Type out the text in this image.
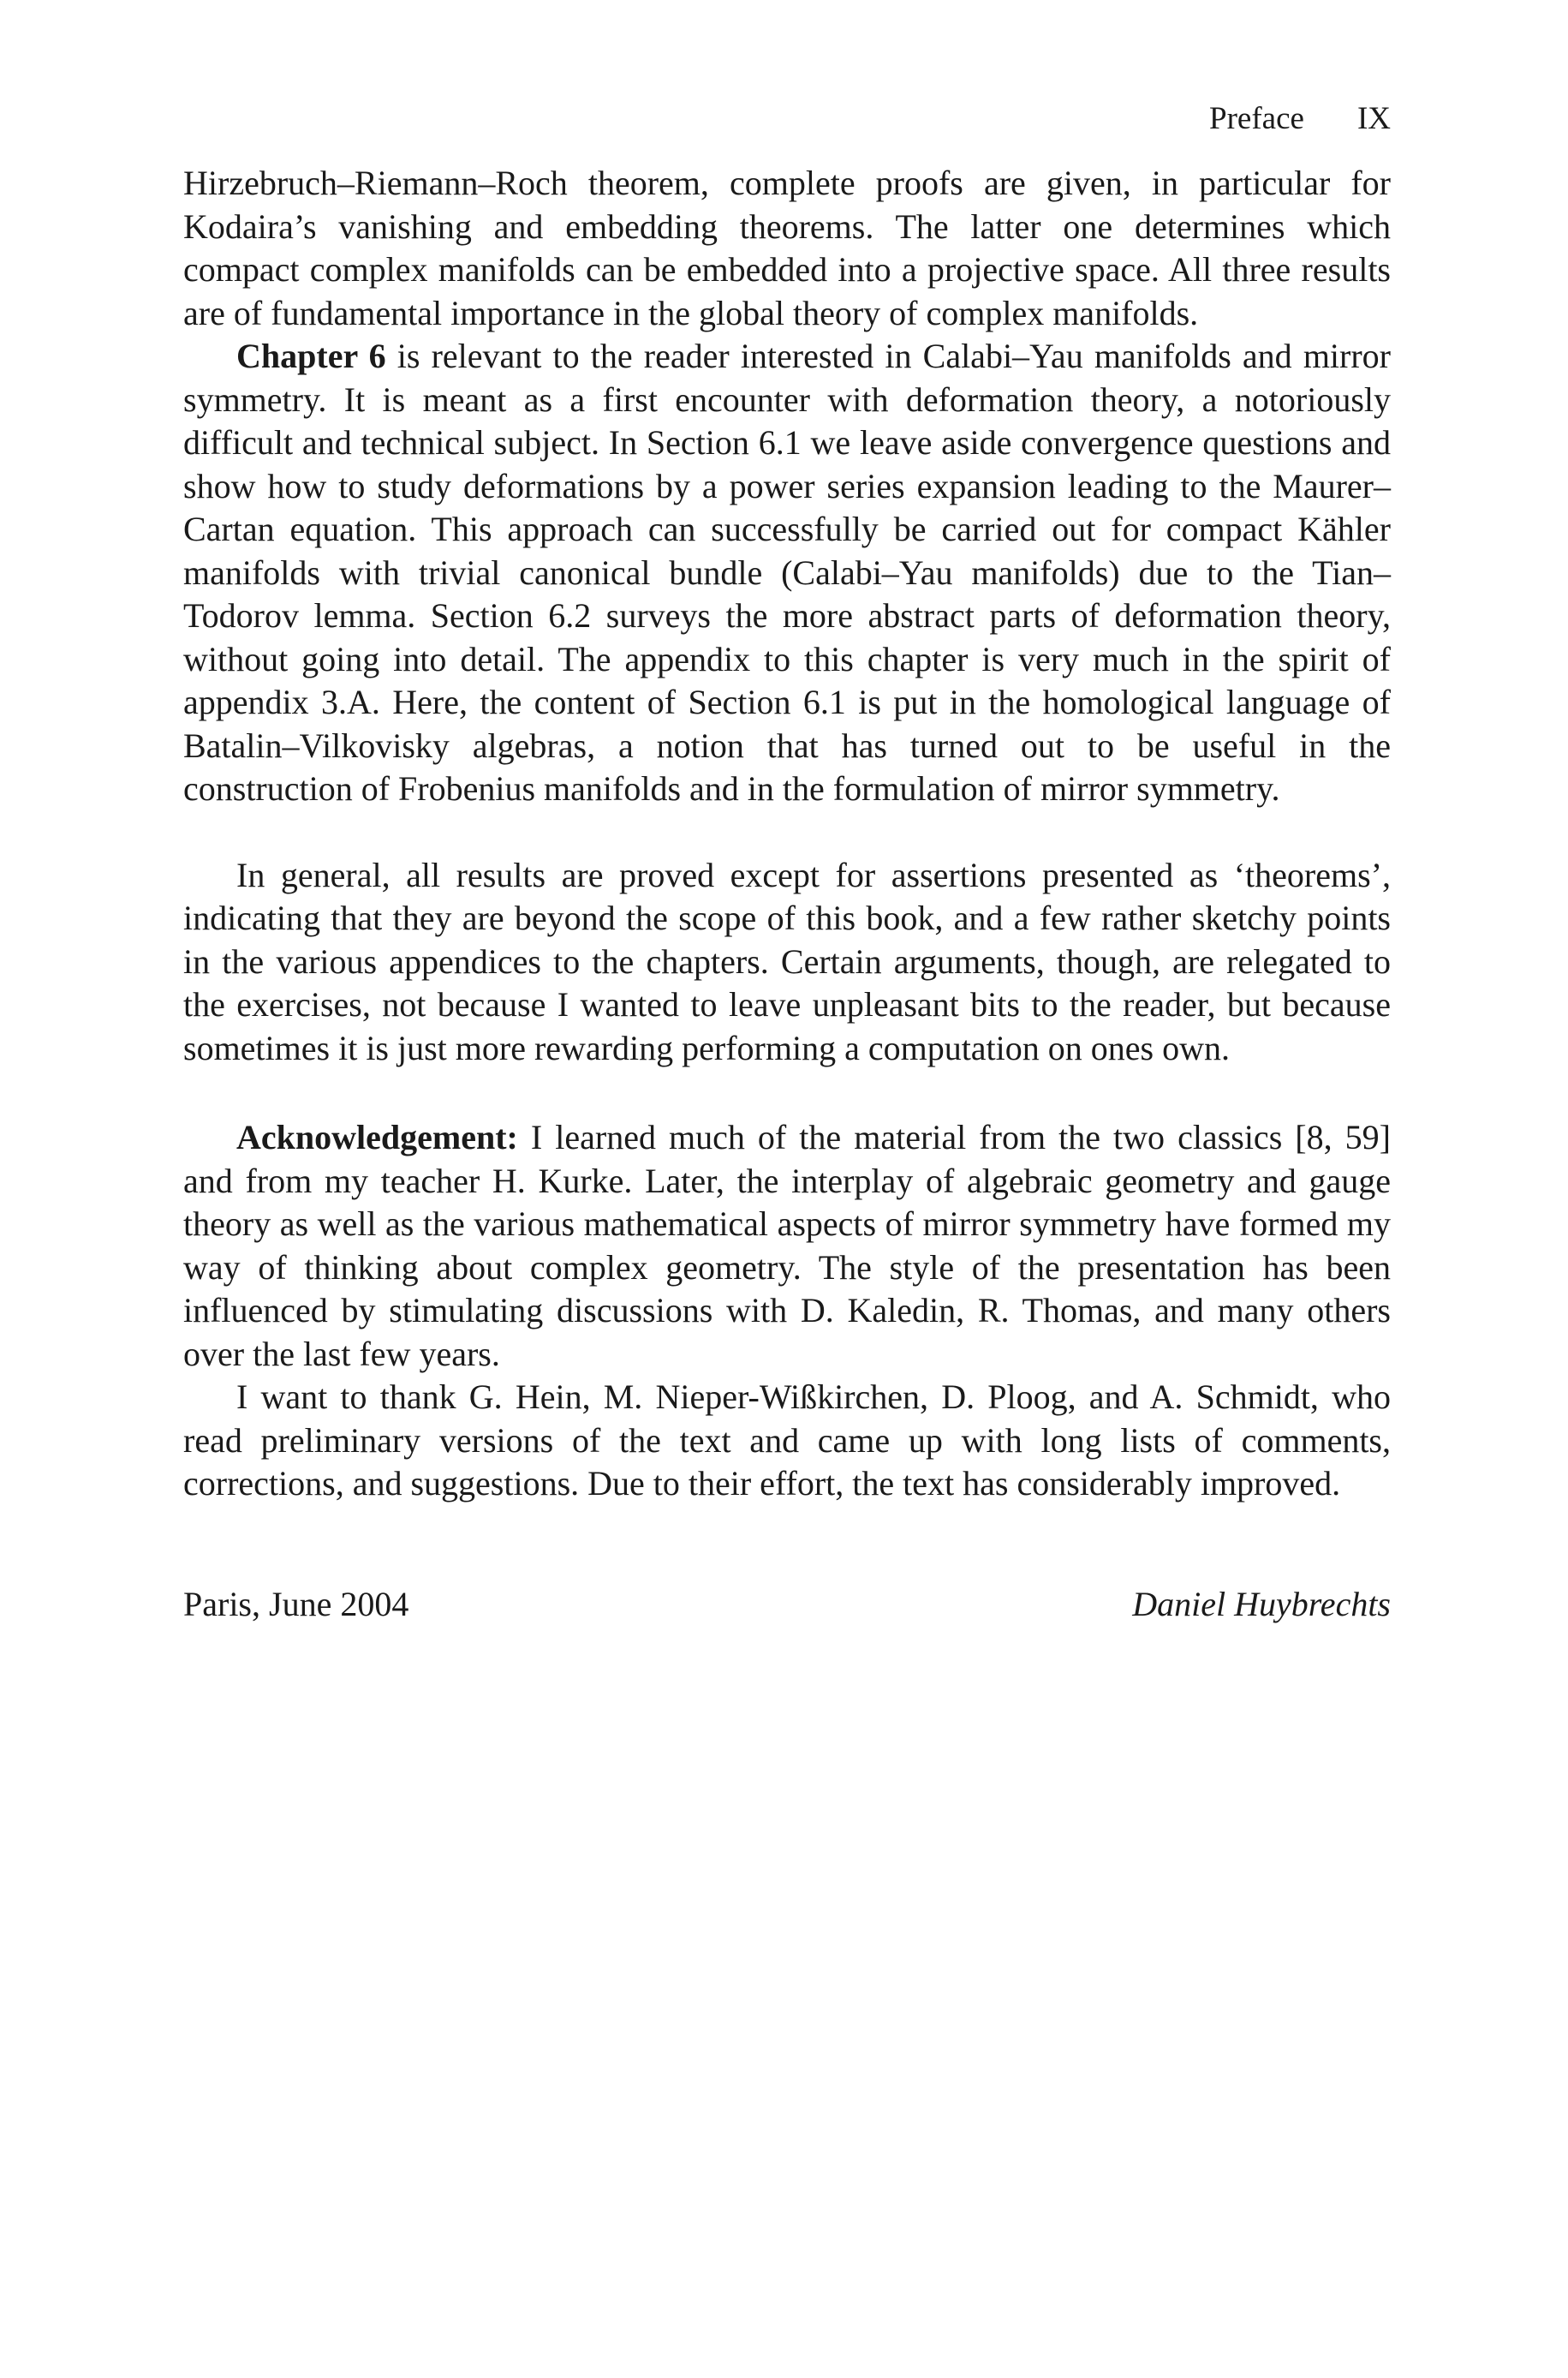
Preface IX

Hirzebruch–Riemann–Roch theorem, complete proofs are given, in particular for Kodaira’s vanishing and embedding theorems. The latter one determines which compact complex manifolds can be embedded into a projective space. All three results are of fundamental importance in the global theory of complex manifolds.

Chapter 6 is relevant to the reader interested in Calabi–Yau manifolds and mirror symmetry. It is meant as a first encounter with deformation theory, a notoriously difficult and technical subject. In Section 6.1 we leave aside convergence questions and show how to study deformations by a power series expansion leading to the Maurer–Cartan equation. This approach can successfully be carried out for compact Kähler manifolds with trivial canonical bundle (Calabi–Yau manifolds) due to the Tian–Todorov lemma. Section 6.2 surveys the more abstract parts of deformation theory, without going into detail. The appendix to this chapter is very much in the spirit of appendix 3.A. Here, the content of Section 6.1 is put in the homological language of Batalin–Vilkovisky algebras, a notion that has turned out to be useful in the construction of Frobenius manifolds and in the formulation of mirror symmetry.

In general, all results are proved except for assertions presented as ‘theorems’, indicating that they are beyond the scope of this book, and a few rather sketchy points in the various appendices to the chapters. Certain arguments, though, are relegated to the exercises, not because I wanted to leave unpleasant bits to the reader, but because sometimes it is just more rewarding performing a computation on ones own.

Acknowledgement: I learned much of the material from the two classics [8, 59] and from my teacher H. Kurke. Later, the interplay of algebraic geometry and gauge theory as well as the various mathematical aspects of mirror symmetry have formed my way of thinking about complex geometry. The style of the presentation has been influenced by stimulating discussions with D. Kaledin, R. Thomas, and many others over the last few years.

I want to thank G. Hein, M. Nieper-Wißkirchen, D. Ploog, and A. Schmidt, who read preliminary versions of the text and came up with long lists of comments, corrections, and suggestions. Due to their effort, the text has considerably improved.

Paris, June 2004	Daniel Huybrechts
